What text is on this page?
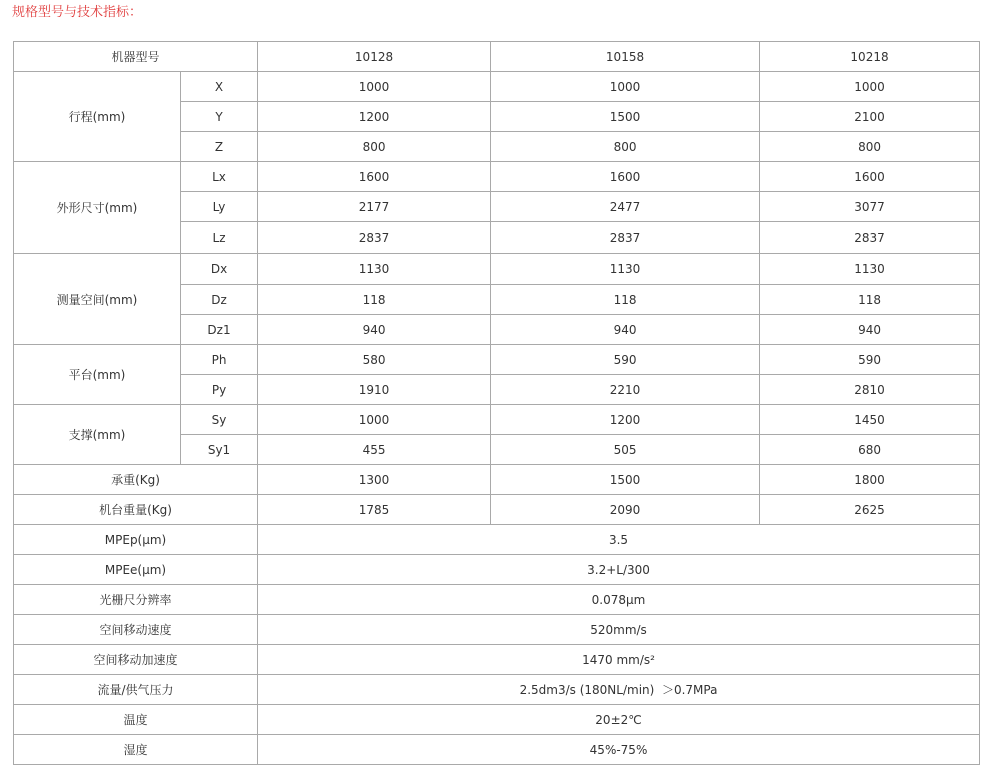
规格型号与技术指标：
机器型号		10128	10158	10218
行程(mm)	X	1000	1000	1000
	Y	1200	1500	2100
	Z	800	800	800
外形尺寸(mm)	Lx	1600	1600	1600
	Ly	2177	2477	3077
	Lz	2837	2837	2837
测量空间(mm)	Dx	1130	1130	1130
	Dz	118	118	118
	Dz1	940	940	940
平台(mm)	Ph	580	590	590
	Py	1910	2210	2810
支撑(mm)	Sy	1000	1200	1450
	Sy1	455	505	680
承重(Kg)		1300	1500	1800
机台重量(Kg)		1785	2090	2625
MPEp(μm)		3.5		
MPEe(μm)		3.2+L/300		
光栅尺分辨率		0.078μm		
空间移动速度		520mm/s		
空间移动加速度		1470 mm/s²		
流量/供气压力		2.5dm3/s (180NL/min)  ＞0.7MPa		
温度		20±2℃		
湿度		45%-75%		
